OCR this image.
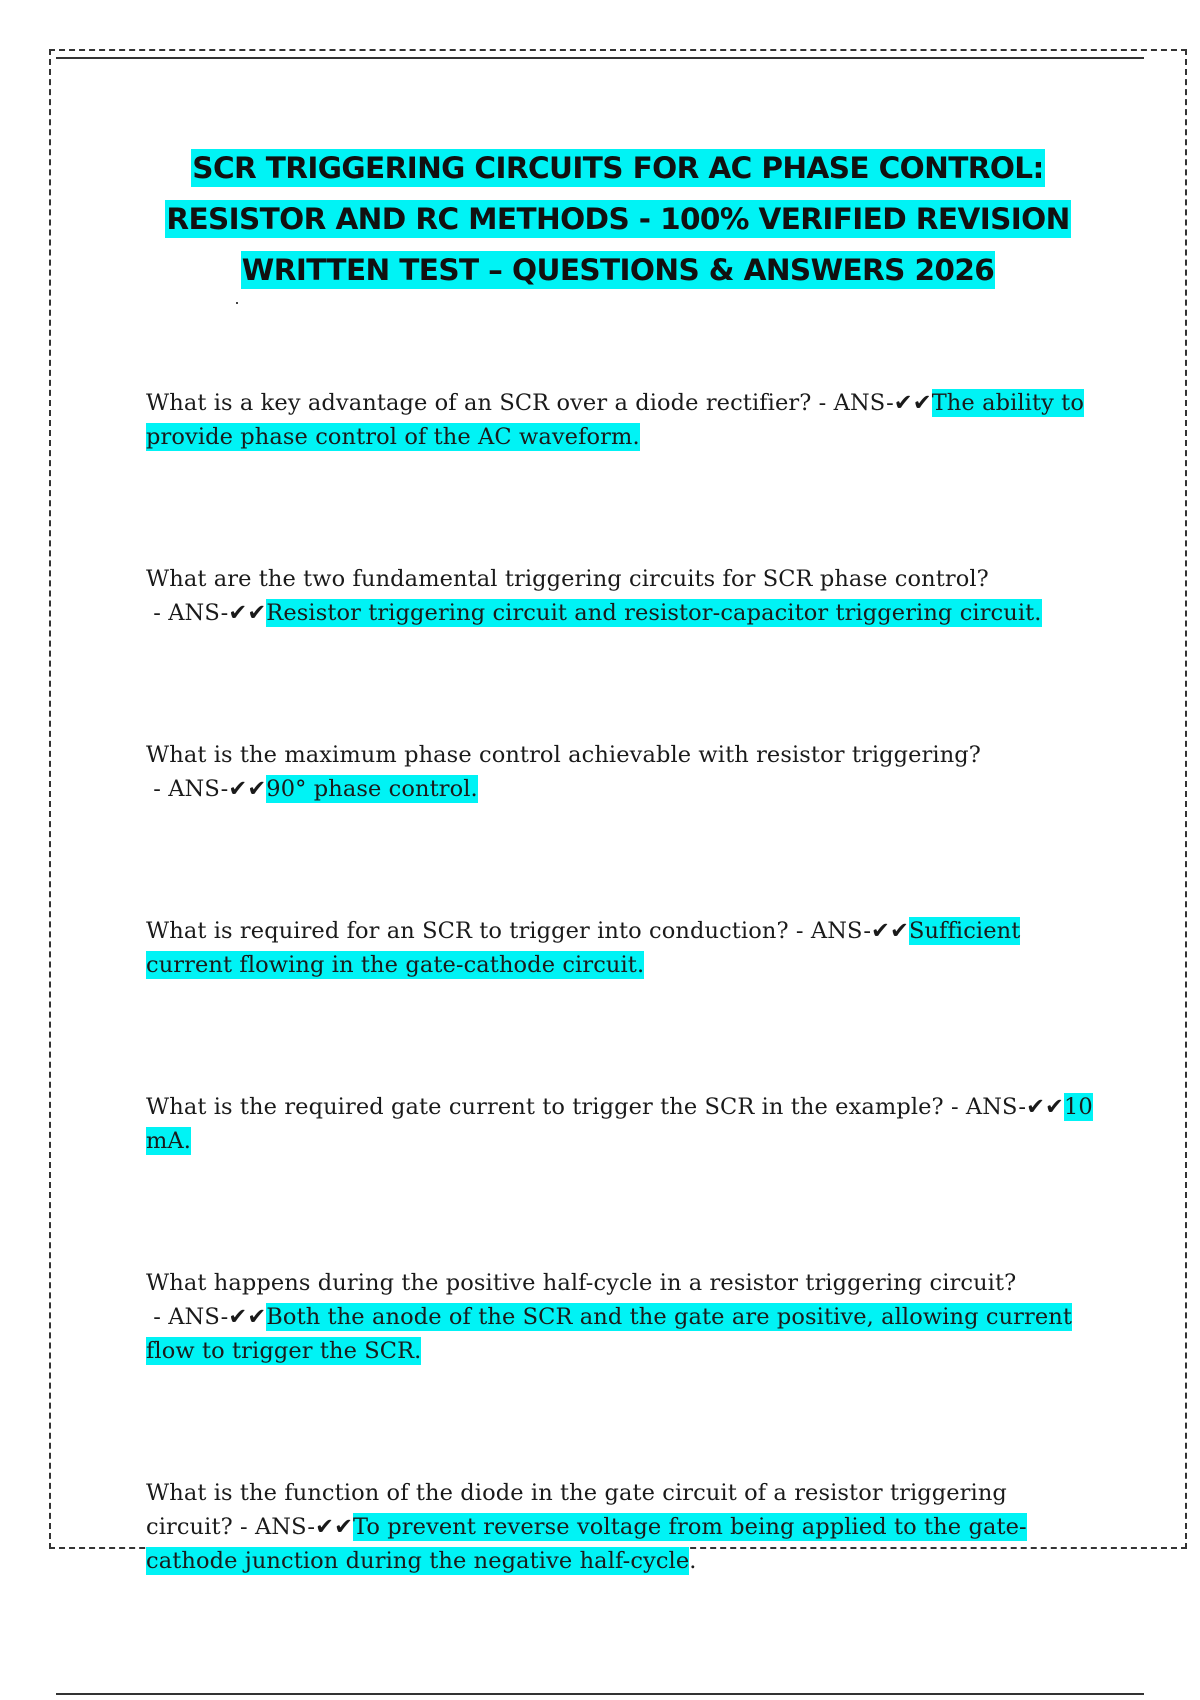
SCR TRIGGERING CIRCUITS FOR AC PHASE CONTROL: RESISTOR AND RC METHODS - 100% VERIFIED REVISION WRITTEN TEST – QUESTIONS & ANSWERS 2026

What is a key advantage of an SCR over a diode rectifier? - ANS-✔✔The ability to provide phase control of the AC waveform.

What are the two fundamental triggering circuits for SCR phase control? - ANS-✔✔Resistor triggering circuit and resistor-capacitor triggering circuit.

What is the maximum phase control achievable with resistor triggering? - ANS-✔✔90° phase control.

What is required for an SCR to trigger into conduction? - ANS-✔✔Sufficient current flowing in the gate-cathode circuit.

What is the required gate current to trigger the SCR in the example? - ANS-✔✔10 mA.

What happens during the positive half-cycle in a resistor triggering circuit? - ANS-✔✔Both the anode of the SCR and the gate are positive, allowing current flow to trigger the SCR.

What is the function of the diode in the gate circuit of a resistor triggering circuit? - ANS-✔✔To prevent reverse voltage from being applied to the gate-cathode junction during the negative half-cycle.
